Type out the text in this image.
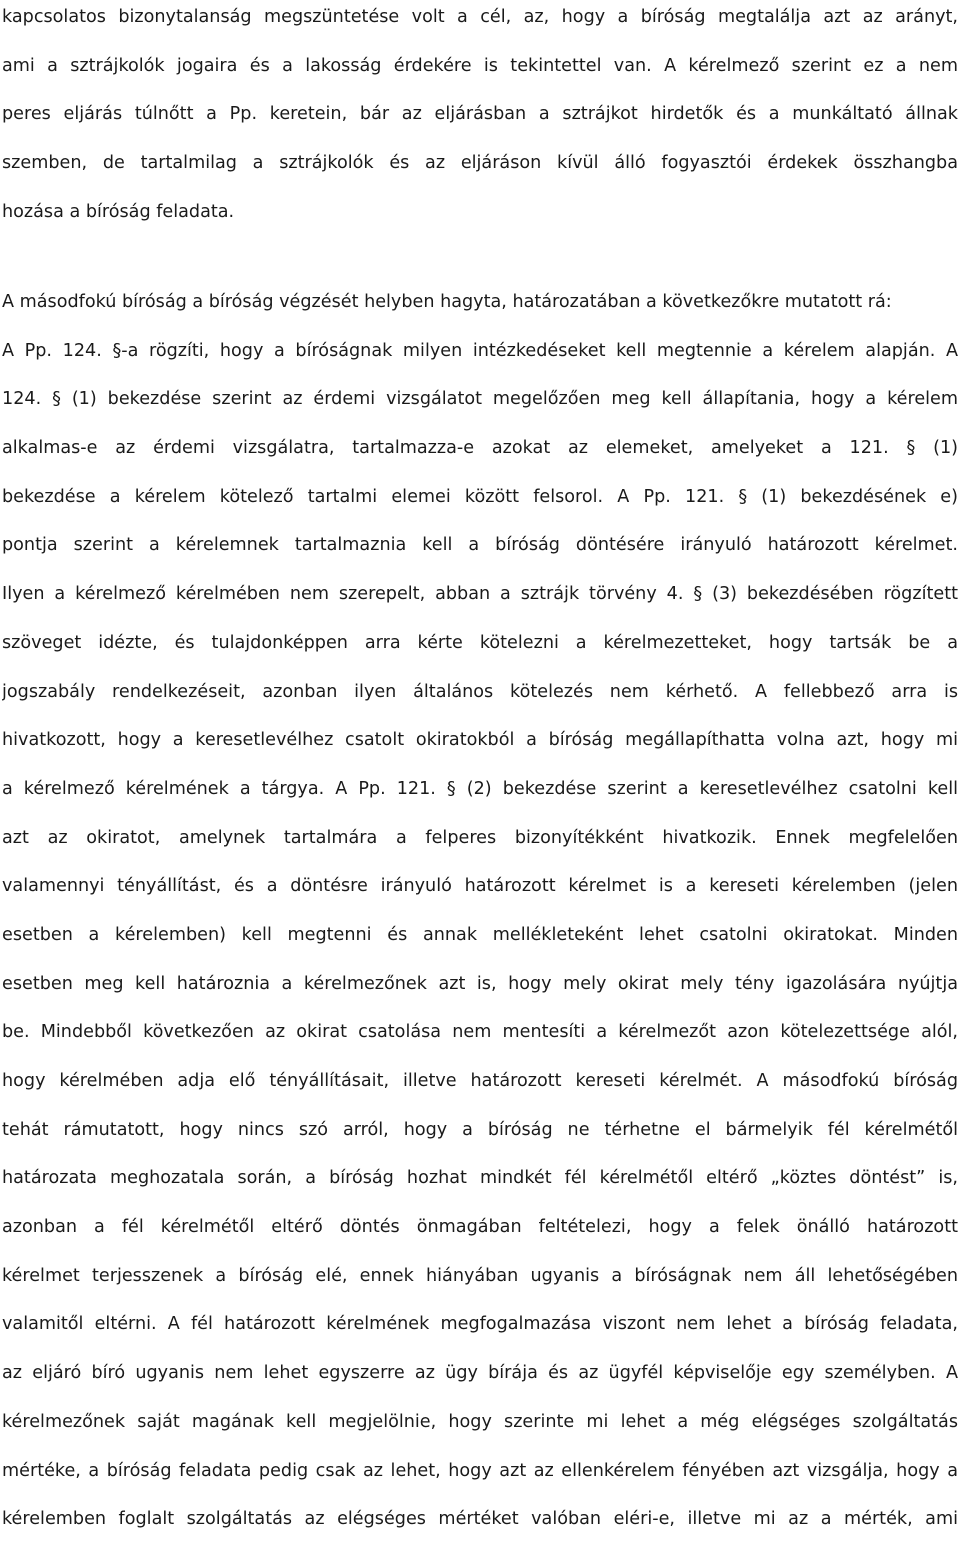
kapcsolatos bizonytalanság megszüntetése volt a cél, az, hogy a bíróság megtalálja azt az arányt,
ami a sztrájkolók jogaira és a lakosság érdekére is tekintettel van. A kérelmező szerint ez a nem
peres eljárás túlnőtt a Pp. keretein, bár az eljárásban a sztrájkot hirdetők és a munkáltató állnak
szemben, de tartalmilag a sztrájkolók és az eljáráson kívül álló fogyasztói érdekek összhangba
hozása a bíróság feladata.
A másodfokú bíróság a bíróság végzését helyben hagyta, határozatában a következőkre mutatott rá:
A Pp. 124. §-a rögzíti, hogy a bíróságnak milyen intézkedéseket kell megtennie a kérelem alapján. A
124. § (1) bekezdése szerint az érdemi vizsgálatot megelőzően meg kell állapítania, hogy a kérelem
alkalmas-e az érdemi vizsgálatra, tartalmazza-e azokat az elemeket, amelyeket a 121. § (1)
bekezdése a kérelem kötelező tartalmi elemei között felsorol. A Pp. 121. § (1) bekezdésének e)
pontja szerint a kérelemnek tartalmaznia kell a bíróság döntésére irányuló határozott kérelmet.
Ilyen a kérelmező kérelmében nem szerepelt, abban a sztrájk törvény 4. § (3) bekezdésében rögzített
szöveget idézte, és tulajdonképpen arra kérte kötelezni a kérelmezetteket, hogy tartsák be a
jogszabály rendelkezéseit, azonban ilyen általános kötelezés nem kérhető. A fellebbező arra is
hivatkozott, hogy a keresetlevélhez csatolt okiratokból a bíróság megállapíthatta volna azt, hogy mi
a kérelmező kérelmének a tárgya. A Pp. 121. § (2) bekezdése szerint a keresetlevélhez csatolni kell
azt az okiratot, amelynek tartalmára a felperes bizonyítékként hivatkozik. Ennek megfelelően
valamennyi tényállítást, és a döntésre irányuló határozott kérelmet is a kereseti kérelemben (jelen
esetben a kérelemben) kell megtenni és annak mellékleteként lehet csatolni okiratokat. Minden
esetben meg kell határoznia a kérelmezőnek azt is, hogy mely okirat mely tény igazolására nyújtja
be. Mindebből következően az okirat csatolása nem mentesíti a kérelmezőt azon kötelezettsége alól,
hogy kérelmében adja elő tényállításait, illetve határozott kereseti kérelmét. A másodfokú bíróság
tehát rámutatott, hogy nincs szó arról, hogy a bíróság ne térhetne el bármelyik fél kérelmétől
határozata meghozatala során, a bíróság hozhat mindkét fél kérelmétől eltérő „köztes döntést” is,
azonban a fél kérelmétől eltérő döntés önmagában feltételezi, hogy a felek önálló határozott
kérelmet terjesszenek a bíróság elé, ennek hiányában ugyanis a bíróságnak nem áll lehetőségében
valamitől eltérni. A fél határozott kérelmének megfogalmazása viszont nem lehet a bíróság feladata,
az eljáró bíró ugyanis nem lehet egyszerre az ügy bírája és az ügyfél képviselője egy személyben. A
kérelmezőnek saját magának kell megjelölnie, hogy szerinte mi lehet a még elégséges szolgáltatás
mértéke, a bíróság feladata pedig csak az lehet, hogy azt az ellenkérelem fényében azt vizsgálja, hogy a
kérelemben foglalt szolgáltatás az elégséges mértéket valóban eléri-e, illetve mi az a mérték, ami
